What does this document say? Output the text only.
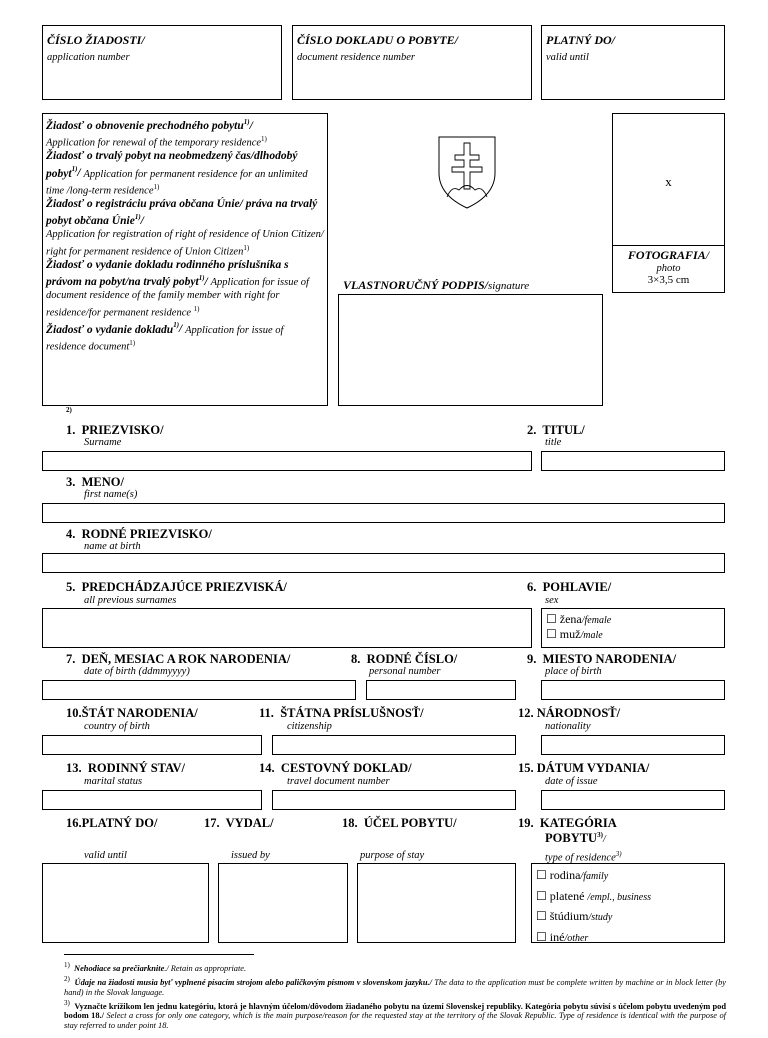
ČÍSLO ŽIADOSTI/
application number
ČÍSLO DOKLADU O POBYTE/
document residence number
PLATNÝ DO/
valid until
Žiadosť o obnovenie prechodného pobytu$^{1)}$/
Application for renewal of the temporary residence$^{1)}$
Žiadosť o trvalý pobyt na neobmedzený čas/dlhodobý pobyt$^{1)}$/ Application for permanent residence for an unlimited time /long-term residence$^{1)}$
Žiadosť o registráciu práva občana Únie/ práva na trvalý pobyt občana Únie$^{1)}$/
Application for registration of right of residence of Union Citizen/ right for permanent residence of Union Citizen$^{1)}$
Žiadosť o vydanie dokladu rodinného príslušníka s právom na pobyt/na trvalý pobyt$^{1)}$/ Application for issue of document residence of the family member with right for residence/for permanent residence $^{1)}$
Žiadosť o vydanie dokladu$^{1)}$/ Application for issue of residence document$^{1)}$
2)
x
FOTOGRAFIA/
photo
3×3,5 cm
VLASTNORUČNÝ PODPIS/signature
1. PRIEZVISKO/
Surname
2. TITUL/
title
3. MENO/
first name(s)
4. RODNÉ PRIEZVISKO/
name at birth
5. PREDCHÁDZAJÚCE PRIEZVISKÁ/
all previous surnames
6. POHLAVIE/
sex
☐ žena/female
☐ muž/male
7. DEŇ, MESIAC A ROK NARODENIA/
date of birth (ddmmyyyy)
8. RODNÉ ČÍSLO/
personal number
9. MIESTO NARODENIA/
place of birth
10.ŠTÁT NARODENIA/
country of birth
11. ŠTÁTNA PRÍSLUŠNOSŤ/
citizenship
12. NÁRODNOSŤ/
nationality
13. RODINNÝ STAV/
marital status
14. CESTOVNÝ DOKLAD/
travel document number
15. DÁTUM VYDANIA/
date of issue
16.PLATNÝ DO/
valid until
17. VYDAL/
issued by
18. ÚČEL POBYTU/
purpose of stay
19. KATEGÓRIA
POBYTU$^{3)}$/
type of residence$^{3)}$
☐ rodina/family
☐ platené /empl., business
☐ štúdium/study
☐ iné/other
$^{1)}$ Nehodiace sa prečiarknite./ Retain as appropriate.
$^{2)}$ Údaje na žiadosti musia byť vyplnené písacím strojom alebo paličkovým písmom v slovenskom jazyku./ The data to the application must be complete written by machine or in block letter (by hand) in the Slovak language.
$^{3)}$ Vyznačte krížikom len jednu kategóriu, ktorá je hlavným účelom/dôvodom žiadaného pobytu na území Slovenskej republiky. Kategória pobytu súvisí s účelom pobytu uvedeným pod bodom 18./ Select a cross for only one category, which is the main purpose/reason for the requested stay at the territory of the Slovak Republic. Type of residence is identical with the purpose of stay referred to under point 18.
